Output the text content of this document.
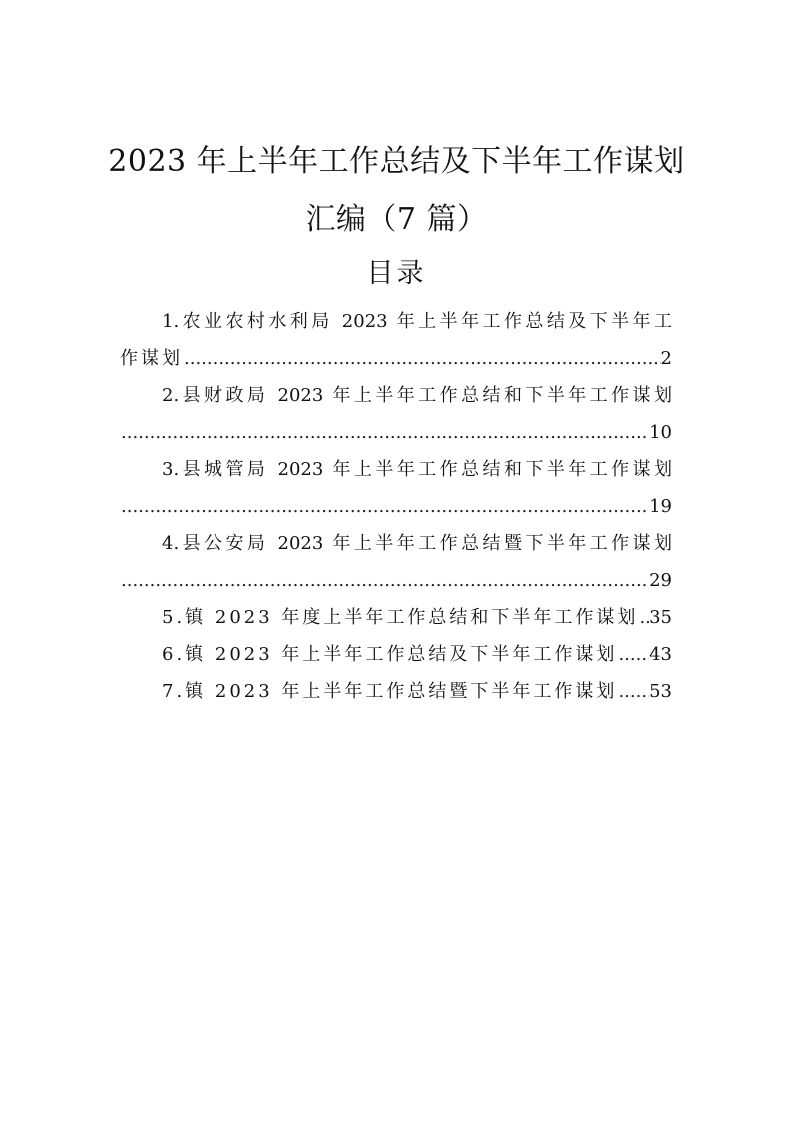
2023 年上半年工作总结及下半年工作谋划
汇编（7 篇）
目录
1.农业农村水利局 2023 年上半年工作总结及下半年工
作谋划 .....	2
2.县财政局 2023 年上半年工作总结和下半年工作谋划
.....
10
3.县城管局 2023 年上半年工作总结和下半年工作谋划
.....
19
4.县公安局 2023 年上半年工作总结暨下半年工作谋划
.....
29
5.镇 2023 年度上半年工作总结和下半年工作谋划 ..... 35
6.镇 2023 年上半年工作总结及下半年工作谋划 ..... 43
7.镇 2023 年上半年工作总结暨下半年工作谋划 ..... 53
